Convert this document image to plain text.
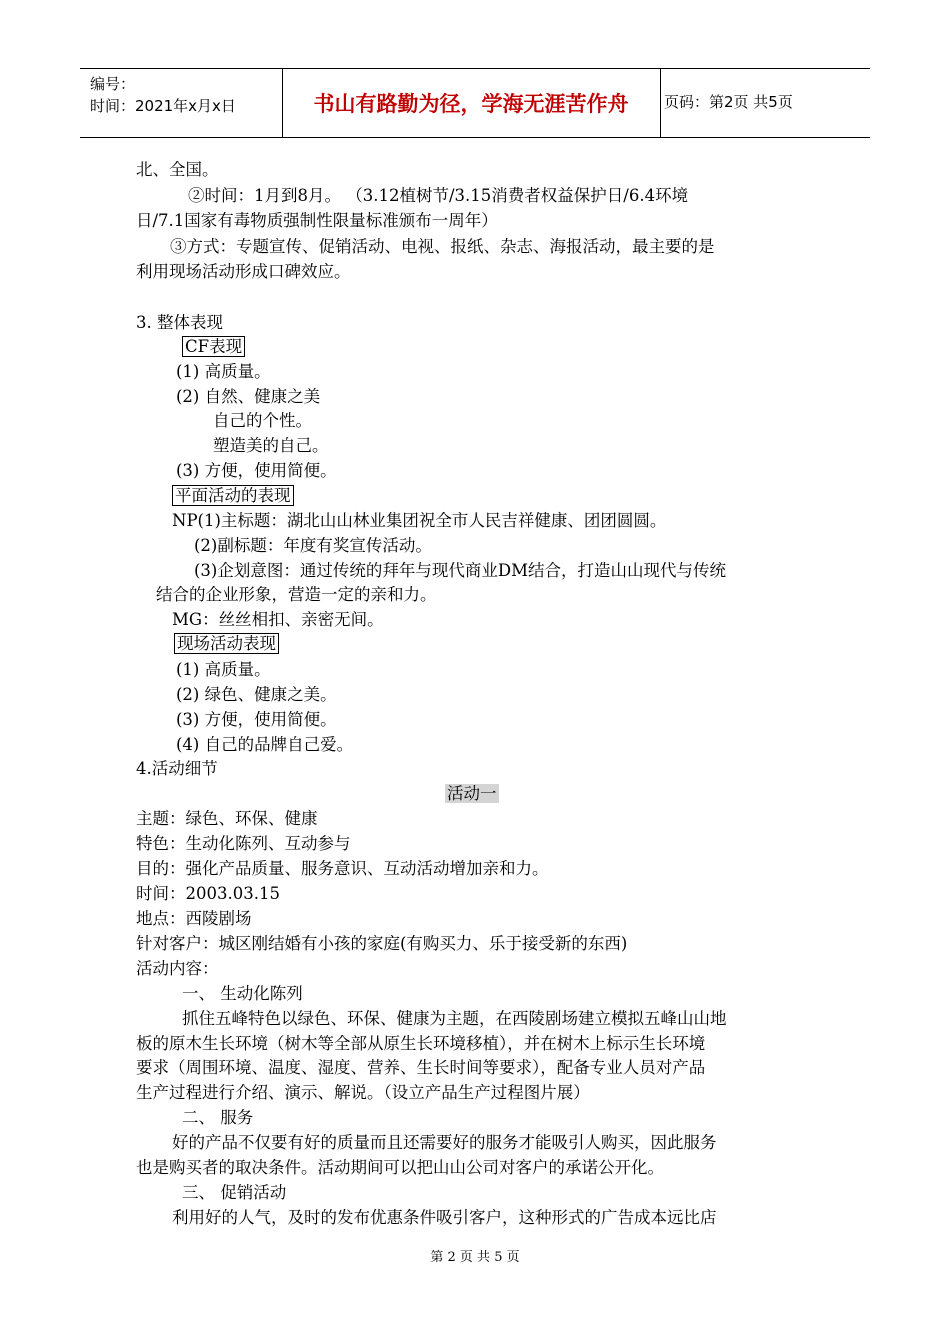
编号：
时间：2021年x月x日	书山有路勤为径，学海无涯苦作舟	页码：第2页 共5页
北、全国。
②时间：1月到8月。 （3.12植树节/3.15消费者权益保护日/6.4环境
日/7.1国家有毒物质强制性限量标准颁布一周年）
③方式：专题宣传、促销活动、电视、报纸、杂志、海报活动，最主要的是
利用现场活动形成口碑效应。
3. 整体表现
CF表现
(1) 高质量。
(2) 自然、健康之美
自己的个性。
塑造美的自己。
(3) 方便，使用简便。
平面活动的表现
NP(1)主标题：湖北山山林业集团祝全市人民吉祥健康、团团圆圆。
(2)副标题：年度有奖宣传活动。
(3)企划意图：通过传统的拜年与现代商业DM结合，打造山山现代与传统
结合的企业形象，营造一定的亲和力。
MG：丝丝相扣、亲密无间。
现场活动表现
(1) 高质量。
(2) 绿色、健康之美。
(3) 方便，使用简便。
(4) 自己的品牌自己爱。
4.活动细节
活动一
主题：绿色、环保、健康
特色：生动化陈列、互动参与
目的：强化产品质量、服务意识、互动活动增加亲和力。
时间：2003.03.15
地点：西陵剧场
针对客户：城区刚结婚有小孩的家庭(有购买力、乐于接受新的东西)
活动内容：
一、 生动化陈列
抓住五峰特色以绿色、环保、健康为主题，在西陵剧场建立模拟五峰山山地
板的原木生长环境（树木等全部从原生长环境移植），并在树木上标示生长环境
要求（周围环境、温度、湿度、营养、生长时间等要求），配备专业人员对产品
生产过程进行介绍、演示、解说。（设立产品生产过程图片展）
二、 服务
好的产品不仅要有好的质量而且还需要好的服务才能吸引人购买，因此服务
也是购买者的取决条件。活动期间可以把山山公司对客户的承诺公开化。
三、 促销活动
利用好的人气，及时的发布优惠条件吸引客户，这种形式的广告成本远比店
第 2 页 共 5 页
